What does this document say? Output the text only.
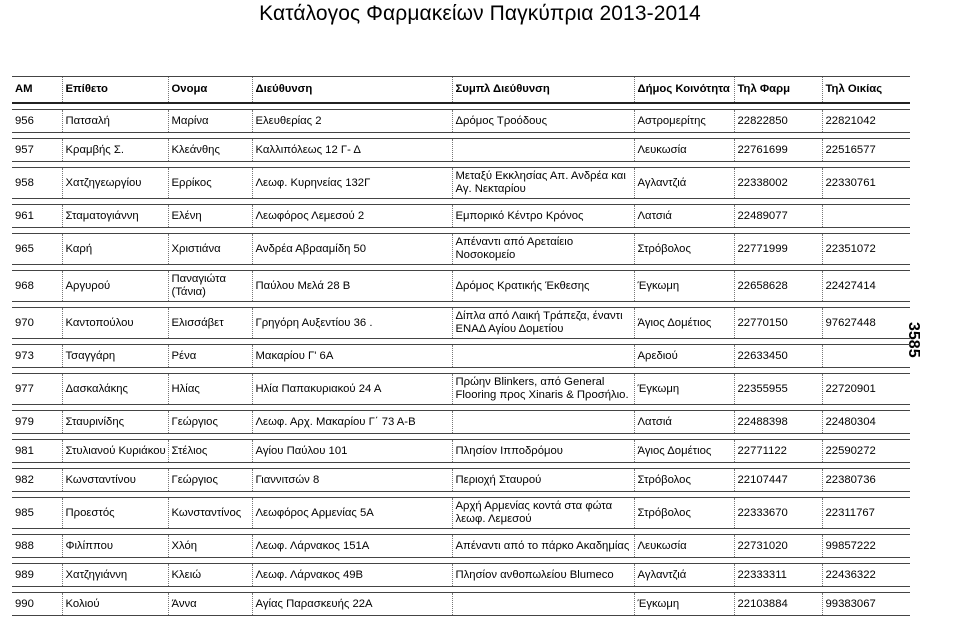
Κατάλογος Φαρμακείων Παγκύπρια 2013-2014
3585
ΑΜ	Επίθετο	Ονομα	Διεύθυνση	Συμπλ Διεύθυνση	Δήμος Κοινότητα	Τηλ Φαρμ	Τηλ Οικίας

956	Πατσαλή	Μαρίνα	Ελευθερίας 2	Δρόμος Τροόδους	Αστρομερίτης	22822850	22821042

957	Κραμβής Σ.	Κλεάνθης	Καλλιπόλεως 12 Γ- Δ		Λευκωσία	22761699	22516577

958	Χατζηγεωργίου	Ερρίκος	Λεωφ. Κυρηνείας 132Γ	Μεταξύ Εκκλησίας Απ. Ανδρέα και Αγ. Νεκταρίου	Αγλαντζιά	22338002	22330761

961	Σταματογιάννη	Ελένη	Λεωφόρος Λεμεσού 2	Εμπορικό Κέντρο Κρόνος	Λατσιά	22489077	

965	Καρή	Χριστιάνα	Ανδρέα Αβρααμίδη 50	Απέναντι από Αρεταίειο Νοσοκομείο	Στρόβολος	22771999	22351072

968	Αργυρού	Παναγιώτα (Τάνια)	Παύλου Μελά 28 Β	Δρόμος Κρατικής Έκθεσης	Έγκωμη	22658628	22427414

970	Καντοπούλου	Ελισσάβετ	Γρηγόρη Αυξεντίου 36 .	Δίπλα από Λαική Τράπεζα, έναντι ΕΝΑΔ Αγίου Δομετίου	Άγιος Δομέτιος	22770150	97627448

973	Τσαγγάρη	Ρένα	Μακαρίου Γ' 6Α		Αρεδιού	22633450	

977	Δασκαλάκης	Ηλίας	Ηλία Παπακυριακού 24 Α	Πρώην Blinkers, από General Flooring προς Xinaris & Προσήλιο.	Έγκωμη	22355955	22720901

979	Σταυρινίδης	Γεώργιος	Λεωφ. Αρχ. Μακαρίου Γ΄ 73 Α-Β		Λατσιά	22488398	22480304

981	Στυλιανού Κυριάκου	Στέλιος	Αγίου Παύλου 101	Πλησίον Ιπποδρόμου	Άγιος Δομέτιος	22771122	22590272

982	Κωνσταντίνου	Γεώργιος	Γιαννιτσών 8	Περιοχή Σταυρού	Στρόβολος	22107447	22380736

985	Προεστός	Κωνσταντίνος	Λεωφόρος Αρμενίας 5Α	Αρχή Αρμενίας κοντά στα φώτα λεωφ. Λεμεσού	Στρόβολος	22333670	22311767

988	Φιλίππου	Χλόη	Λεωφ. Λάρνακος 151Α	Απέναντι από το πάρκο Ακαδημίας	Λευκωσία	22731020	99857222

989	Χατζηγιάννη	Κλειώ	Λεωφ. Λάρνακος 49Β	Πλησίον ανθοπωλείου Blumeco	Αγλαντζιά	22333311	22436322

990	Κολιού	Άννα	Αγίας Παρασκευής 22Α		Έγκωμη	22103884	99383067
